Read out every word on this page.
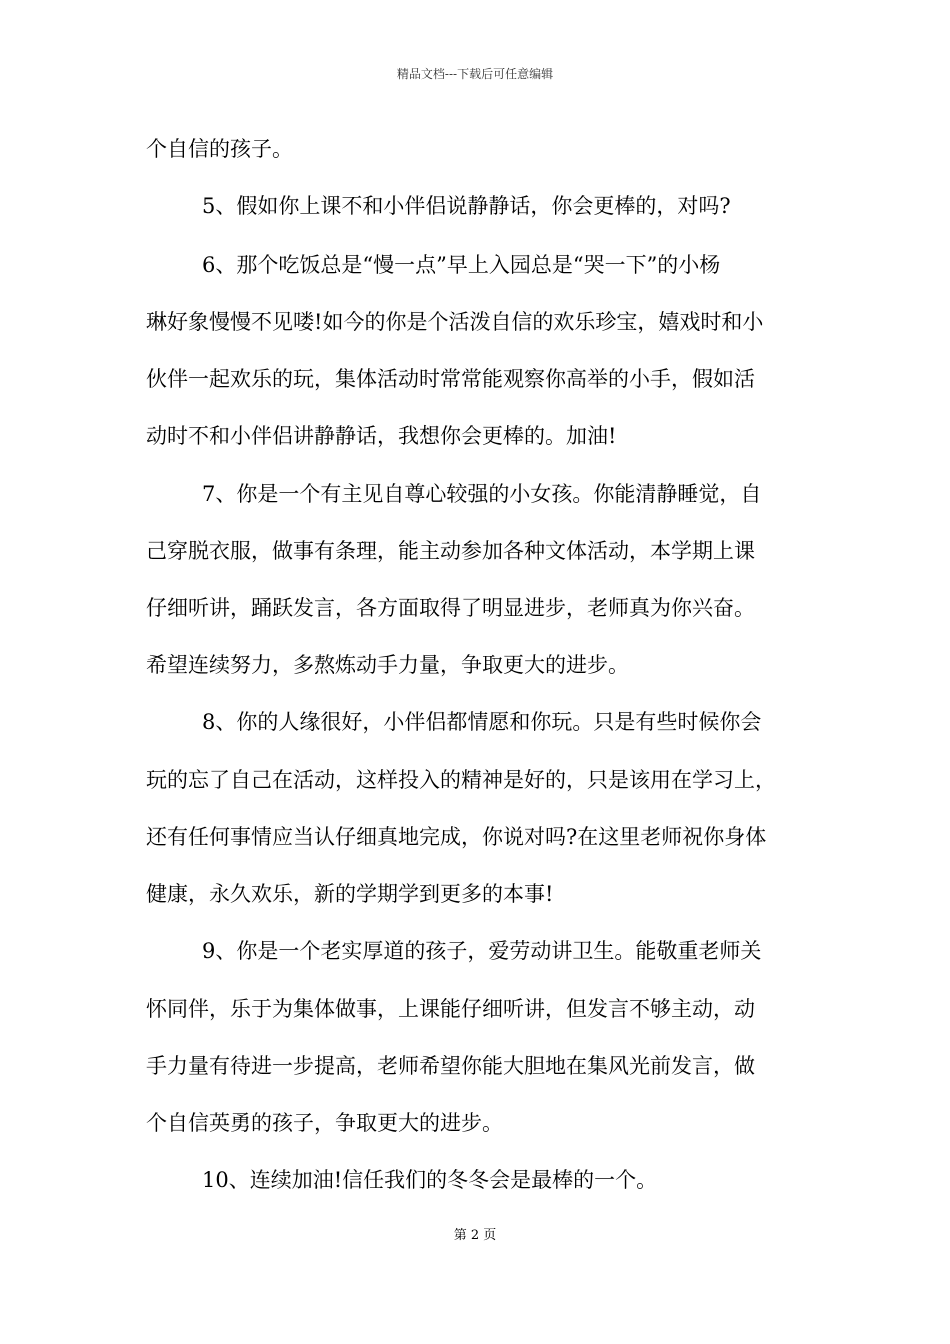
精品文档---下载后可任意编辑
个自信的孩子。
5、假如你上课不和小伴侣说静静话，你会更棒的，对吗?
6、那个吃饭总是“慢一点”早上入园总是“哭一下”的小杨
琳好象慢慢不见喽!如今的你是个活泼自信的欢乐珍宝，嬉戏时和小
伙伴一起欢乐的玩，集体活动时常常能观察你高举的小手，假如活
动时不和小伴侣讲静静话，我想你会更棒的。加油!
7、你是一个有主见自尊心较强的小女孩。你能清静睡觉，自
己穿脱衣服，做事有条理，能主动参加各种文体活动，本学期上课
仔细听讲，踊跃发言，各方面取得了明显进步，老师真为你兴奋。
希望连续努力，多熬炼动手力量，争取更大的进步。
8、你的人缘很好，小伴侣都情愿和你玩。只是有些时候你会
玩的忘了自己在活动，这样投入的精神是好的，只是该用在学习上，
还有任何事情应当认仔细真地完成，你说对吗?在这里老师祝你身体
健康，永久欢乐，新的学期学到更多的本事!
9、你是一个老实厚道的孩子，爱劳动讲卫生。能敬重老师关
怀同伴，乐于为集体做事，上课能仔细听讲，但发言不够主动，动
手力量有待进一步提高，老师希望你能大胆地在集风光前发言，做
个自信英勇的孩子，争取更大的进步。
10、连续加油!信任我们的冬冬会是最棒的一个。
第 2 页
